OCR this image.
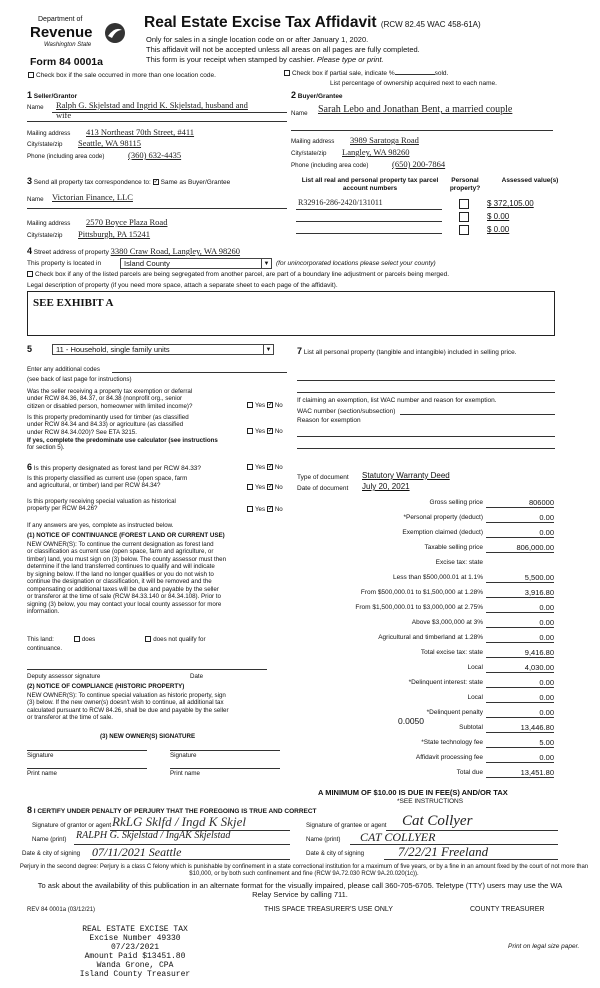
Department of
Revenue
Washington State
Form 84 0001a
Real Estate Excise Tax Affidavit (RCW 82.45 WAC 458-61A)
Only for sales in a single location code on or after January 1, 2020.
This affidavit will not be accepted unless all areas on all pages are fully completed.
This form is your receipt when stamped by cashier. Please type or print.
Check box if the sale occurred in more than one location code.	Check box if partial sale, indicate %	sold.
List percentage of ownership acquired next to each name.
1 Seller/Grantor
Name Ralph G. Skjelstad and Ingrid K. Skjelstad, husband and
wife
Mailing address 413 Northeast 70th Street, #411
City/state/zip Seattle, WA 98115
Phone (including area code)	(360) 632-4435
2 Buyer/Grantee
Name Sarah Lebo and Jonathan Bent, a married couple
Mailing address 3989 Saratoga Road
City/state/zip Langley, WA 98260
Phone (including area code)	(650) 200-7864
3 Send all property tax correspondence to: ✓ Same as Buyer/Grantee
Name Victorian Finance, LLC
Mailing address 2570 Boyce Plaza Road
City/state/zip Pittsburgh, PA 15241
List all real and personal property tax parcel account numbers
Personal property?
Assessed value(s)
R32916-286-2420/131011	$ 372,105.00
$ 0.00
$ 0.00
4 Street address of property 3380 Craw Road, Langley, WA 98260
This property is located in	Island County	▼ (for unincorporated locations please select your county)
Check box if any of the listed parcels are being segregated from another parcel, are part of a boundary line adjustment or parcels being merged.
Legal description of property (if you need more space, attach a separate sheet to each page of the affidavit).
SEE EXHIBIT A
5	11 - Household, single family units	▼
Enter any additional codes
(see back of last page for instructions)
Was the seller receiving a property tax exemption or deferral
under RCW 84.36, 84.37, or 84.38 (nonprofit org., senior
citizen or disabled person, homeowner with limited income)?	Yes ✓ No
Is this property predominantly used for timber (as classified
under RCW 84.34 and 84.33) or agriculture (as classified
under RCW 84.34.020)? See ETA 3215.	Yes ✓ No
If yes, complete the predominate use calculator (see instructions
for section 5).
6 Is this property designated as forest land per RCW 84.33?	Yes ✓ No
Is this property classified as current use (open space, farm
and agricultural, or timber) land per RCW 84.34?	Yes ✓ No
Is this property receiving special valuation as historical
property per RCW 84.26?	Yes ✓ No
If any answers are yes, complete as instructed below.
(1) NOTICE OF CONTINUANCE (FOREST LAND OR CURRENT USE)
NEW OWNER(S): To continue the current designation as forest land
or classification as current use (open space, farm and agriculture, or
timber) land, you must sign on (3) below. The county assessor must then
determine if the land transferred continues to qualify and will indicate
by signing below. If the land no longer qualifies or you do not wish to
continue the designation or classification, it will be removed and the
compensating or additional taxes will be due and payable by the seller
or transferor at the time of sale (RCW 84.33.140 or 84.34.108). Prior to
signing (3) below, you may contact your local county assessor for more
information.
This land:	does	does not qualify for
continuance.
Deputy assessor signature	Date
(2) NOTICE OF COMPLIANCE (HISTORIC PROPERTY)
NEW OWNER(S): To continue special valuation as historic property, sign
(3) below. If the new owner(s) doesn't wish to continue, all additional tax
calculated pursuant to RCW 84.26, shall be due and payable by the seller
or transferor at the time of sale.
(3) NEW OWNER(S) SIGNATURE
Signature	Signature
Print name	Print name
7 List all personal property (tangible and intangible) included in selling price.
If claiming an exemption, list WAC number and reason for exemption.
WAC number (section/subsection)
Reason for exemption
Type of document Statutory Warranty Deed
Date of document July 20, 2021
Gross selling price	806000
*Personal property (deduct)	0.00
Exemption claimed (deduct)	0.00
Taxable selling price	806,000.00
Excise tax: state
Less than $500,000.01 at 1.1%	5,500.00
From $500,000.01 to $1,500,000 at 1.28%	3,916.80
From $1,500,000.01 to $3,000,000 at 2.75%	0.00
Above $3,000,000 at 3%	0.00
Agricultural and timberland at 1.28%	0.00
Total excise tax: state	9,416.80
Local	4,030.00
*Delinquent interest: state	0.00
Local	0.00
*Delinquent penalty	0.00
Subtotal	13,446.80
*State technology fee	5.00
Affidavit processing fee	0.00
Total due	13,451.80
0.0050
A MINIMUM OF $10.00 IS DUE IN FEE(S) AND/OR TAX
*SEE INSTRUCTIONS
8 I CERTIFY UNDER PENALTY OF PERJURY THAT THE FOREGOING IS TRUE AND CORRECT
Signature of grantor or agent RkLG Sklfd / Ingd K Skjel
Name (print) RALPH G. Skjelstad / IngAK Skjelstad
Date & city of signing 07/11/2021 Seattle
Signature of grantee or agent Cat Collyer
Name (print) CAT COLLYER
Date & city of signing	7/22/21 Freeland
Perjury in the second degree: Perjury is a class C felony which is punishable by confinement in a state correctional institution for a maximum of five years, or by a fine in an amount fixed by the court of not more than $10,000, or by both such confinement and fine (RCW 9A.72.030 RCW 9A.20.020(1c)).
To ask about the availability of this publication in an alternate format for the visually impaired, please call 360-705-6705. Teletype (TTY) users may use the WA Relay Service by calling 711.
REV 84 0001a (03/12/21)	THIS SPACE TREASURER'S USE ONLY	COUNTY TREASURER
REAL ESTATE EXCISE TAX
Excise Number 49330
07/23/2021
Amount Paid $13451.80
Wanda Grone, CPA
Island County Treasurer
Print on legal size paper.
